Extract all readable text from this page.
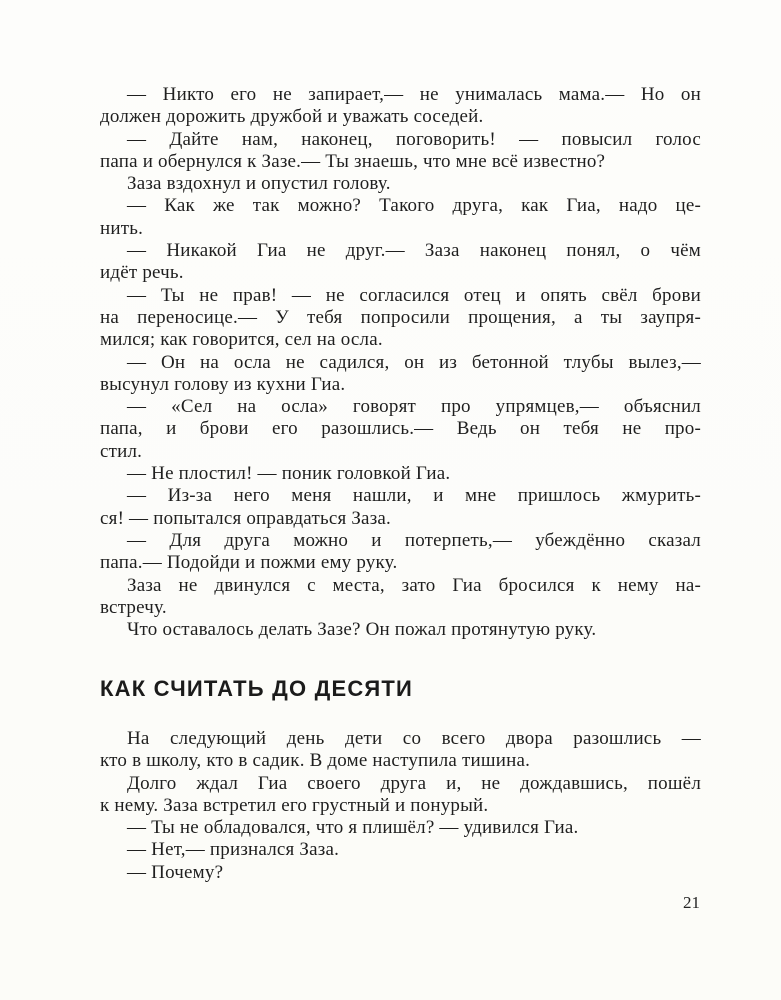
— Никто его не запирает,— не унималась мама.— Но он
должен дорожить дружбой и уважать соседей.
— Дайте нам, наконец, поговорить! — повысил голос
папа и обернулся к Зазе.— Ты знаешь, что мне всё известно?
Заза вздохнул и опустил голову.
— Как же так можно? Такого друга, как Гиа, надо це-
нить.
— Никакой Гиа не друг.— Заза наконец понял, о чём
идёт речь.
— Ты не прав! — не согласился отец и опять свёл брови
на переносице.— У тебя попросили прощения, а ты заупря-
мился; как говорится, сел на осла.
— Он на осла не садился, он из бетонной тлубы вылез,—
высунул голову из кухни Гиа.
— «Сел на осла» говорят про упрямцев,— объяснил
папа, и брови его разошлись.— Ведь он тебя не про-
стил.
— Не плостил! — поник головкой Гиа.
— Из-за него меня нашли, и мне пришлось жмурить-
ся! — попытался оправдаться Заза.
— Для друга можно и потерпеть,— убеждённо сказал
папа.— Подойди и пожми ему руку.
Заза не двинулся с места, зато Гиа бросился к нему на-
встречу.
Что оставалось делать Зазе? Он пожал протянутую руку.
КАК СЧИТАТЬ ДО ДЕСЯТИ
На следующий день дети со всего двора разошлись —
кто в школу, кто в садик. В доме наступила тишина.
Долго ждал Гиа своего друга и, не дождавшись, пошёл
к нему. Заза встретил его грустный и понурый.
— Ты не обладовался, что я плишёл? — удивился Гиа.
— Нет,— признался Заза.
— Почему?
21
